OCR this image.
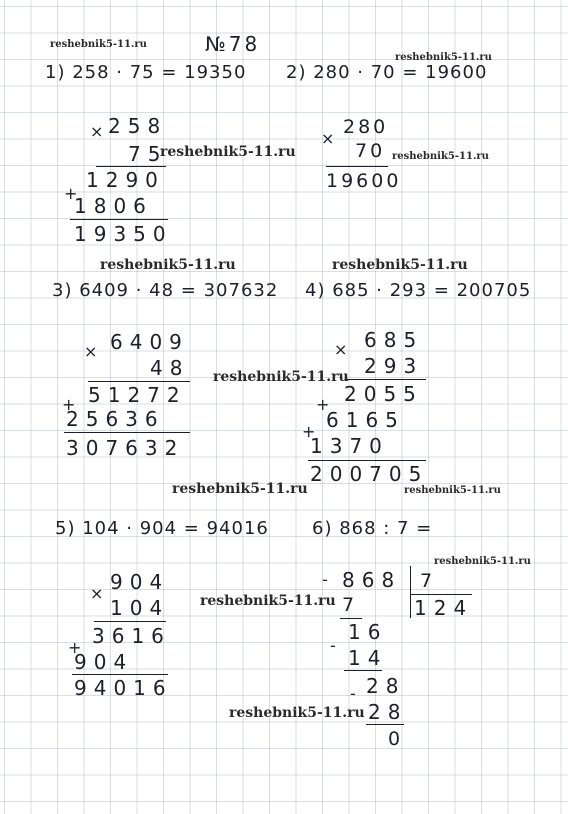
reshebnik5-11.ru
reshebnik5-11.ru
reshebnik5-11.ru	reshebnik5-11.ru
reshebnik5-11.ru	reshebnik5-11.ru
reshebnik5-11.ru
reshebnik5-11.ru	reshebnik5-11.ru
reshebnik5-11.ru
reshebnik5-11.ru
reshebnik5-11.ru
№78
1) 258 · 75 = 19350 2) 280 · 70 = 19600
× 258
75
1290
+
1806
19350
×
280
70
19600
3) 6409 · 48 = 307632 4) 685 · 293 = 200705
× 6409
48
51272
+
25636
307632
× 685
293
2055
+
6165
+
1370
200705
5) 104 · 904 = 94016 6) 868 : 7 =
× 904
104
3616
+
904
94016
- 868 7
124
7
16
-
14
- 28
28
0
